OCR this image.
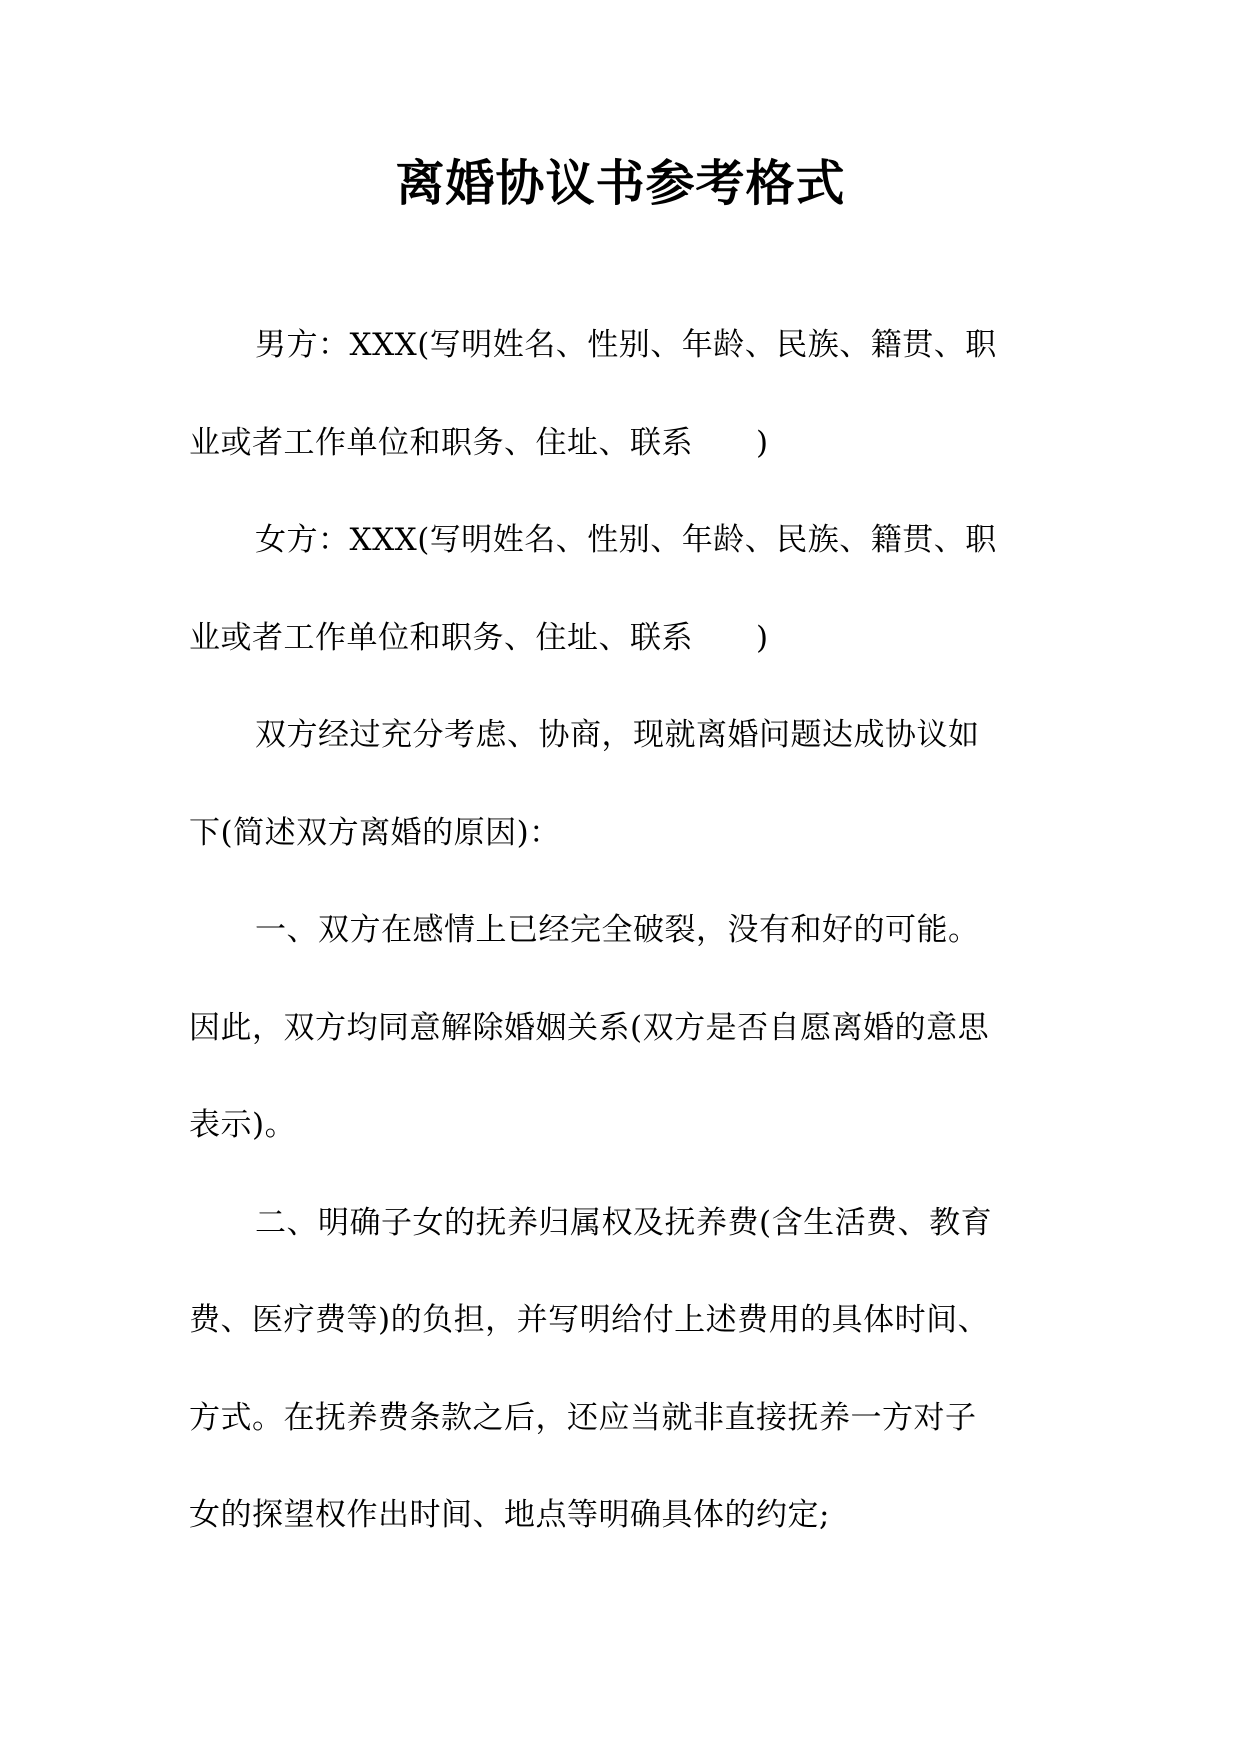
离婚协议书参考格式
男方：XXX(写明姓名、性别、年龄、民族、籍贯、职
业或者工作单位和职务、住址、联系　　)
女方：XXX(写明姓名、性别、年龄、民族、籍贯、职
业或者工作单位和职务、住址、联系　　)
双方经过充分考虑、协商，现就离婚问题达成协议如
下(简述双方离婚的原因)：
一、双方在感情上已经完全破裂，没有和好的可能。
因此，双方均同意解除婚姻关系(双方是否自愿离婚的意思
表示)。
二、明确子女的抚养归属权及抚养费(含生活费、教育
费、医疗费等)的负担，并写明给付上述费用的具体时间、
方式。在抚养费条款之后，还应当就非直接抚养一方对子
女的探望权作出时间、地点等明确具体的约定;
